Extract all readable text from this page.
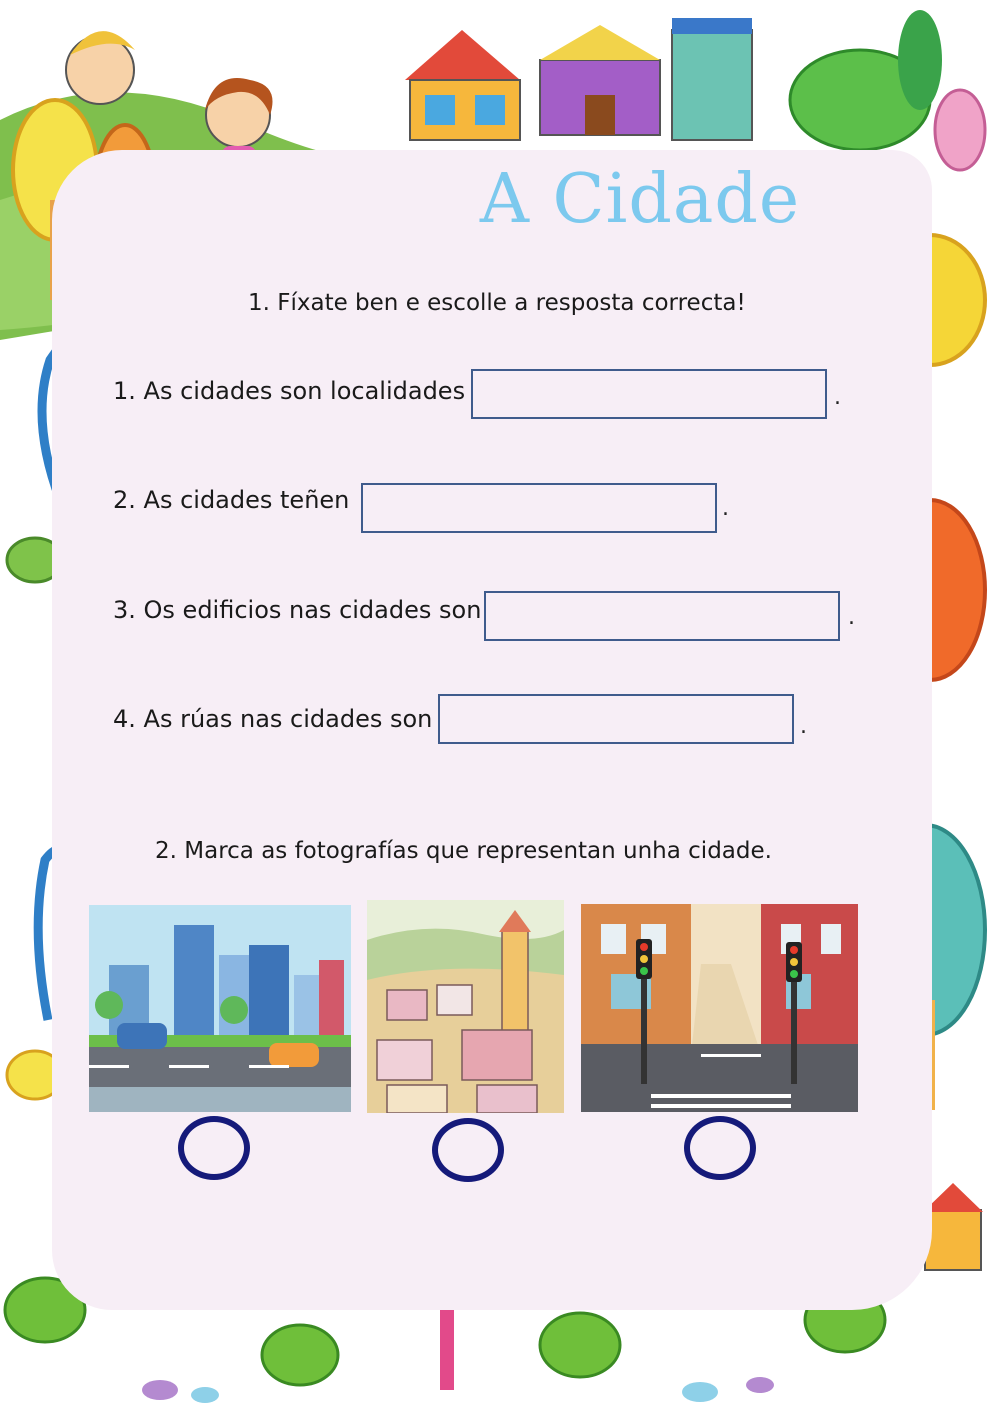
A Cidade
1. Fíxate ben e escolle a resposta correcta!
1. As cidades son localidades	.
2. As cidades teñen	.
3. Os edificios nas cidades son	.
4. As rúas nas cidades son	.
2. Marca as fotografías que representan unha cidade.
